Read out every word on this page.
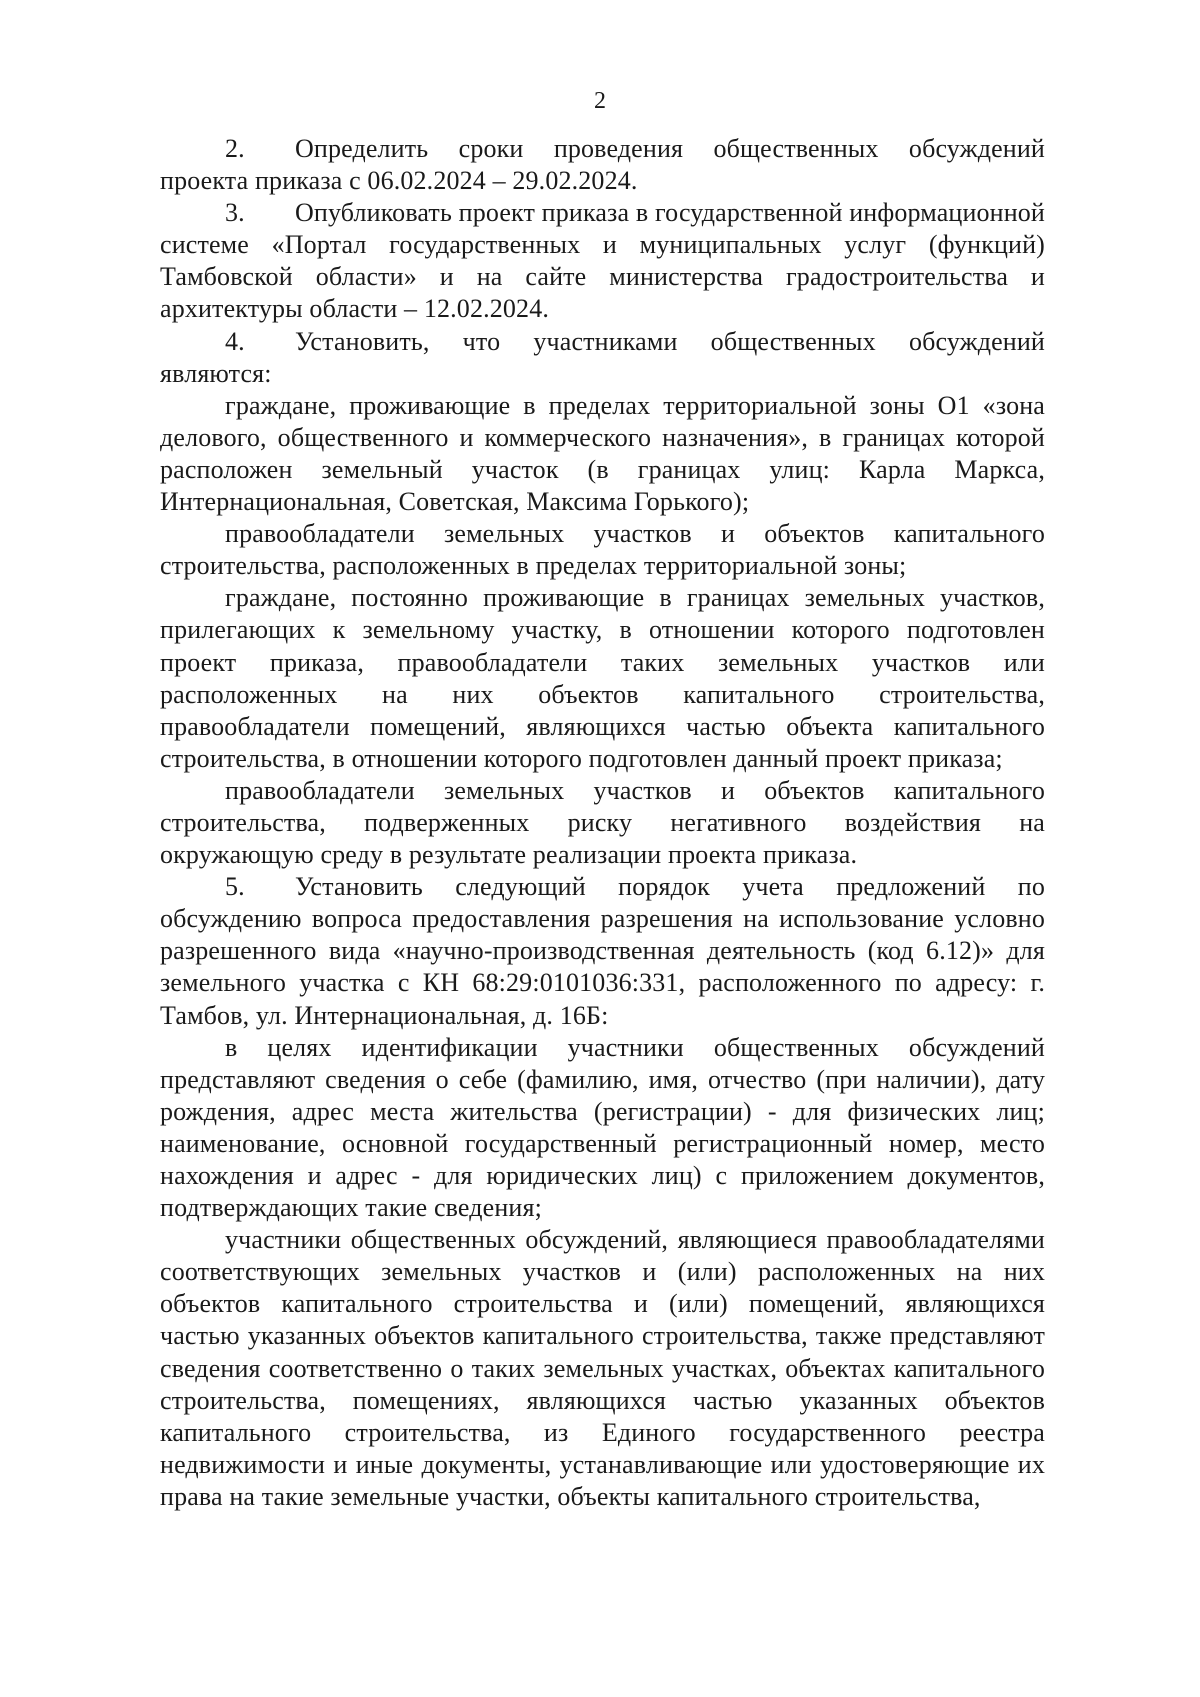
2

2. Определить сроки проведения общественных обсуждений проекта приказа с 06.02.2024 – 29.02.2024.

3. Опубликовать проект приказа в государственной информационной системе «Портал государственных и муниципальных услуг (функций) Тамбовской области» и на сайте министерства градостроительства и архитектуры области – 12.02.2024.

4. Установить, что участниками общественных обсуждений являются:

граждане, проживающие в пределах территориальной зоны О1 «зона делового, общественного и коммерческого назначения», в границах которой расположен земельный участок (в границах улиц: Карла Маркса, Интернациональная, Советская, Максима Горького);

правообладатели земельных участков и объектов капитального строительства, расположенных в пределах территориальной зоны;

граждане, постоянно проживающие в границах земельных участков, прилегающих к земельному участку, в отношении которого подготовлен проект приказа, правообладатели таких земельных участков или расположенных на них объектов капитального строительства, правообладатели помещений, являющихся частью объекта капитального строительства, в отношении которого подготовлен данный проект приказа;

правообладатели земельных участков и объектов капитального строительства, подверженных риску негативного воздействия на окружающую среду в результате реализации проекта приказа.

5. Установить следующий порядок учета предложений по обсуждению вопроса предоставления разрешения на использование условно разрешенного вида «научно-производственная деятельность (код 6.12)» для земельного участка с КН 68:29:0101036:331, расположенного по адресу: г. Тамбов, ул. Интернациональная, д. 16Б:

в целях идентификации участники общественных обсуждений представляют сведения о себе (фамилию, имя, отчество (при наличии), дату рождения, адрес места жительства (регистрации) - для физических лиц; наименование, основной государственный регистрационный номер, место нахождения и адрес - для юридических лиц) с приложением документов, подтверждающих такие сведения;

участники общественных обсуждений, являющиеся правообладателями соответствующих земельных участков и (или) расположенных на них объектов капитального строительства и (или) помещений, являющихся частью указанных объектов капитального строительства, также представляют сведения соответственно о таких земельных участках, объектах капитального строительства, помещениях, являющихся частью указанных объектов капитального строительства, из Единого государственного реестра недвижимости и иные документы, устанавливающие или удостоверяющие их права на такие земельные участки, объекты капитального строительства,
